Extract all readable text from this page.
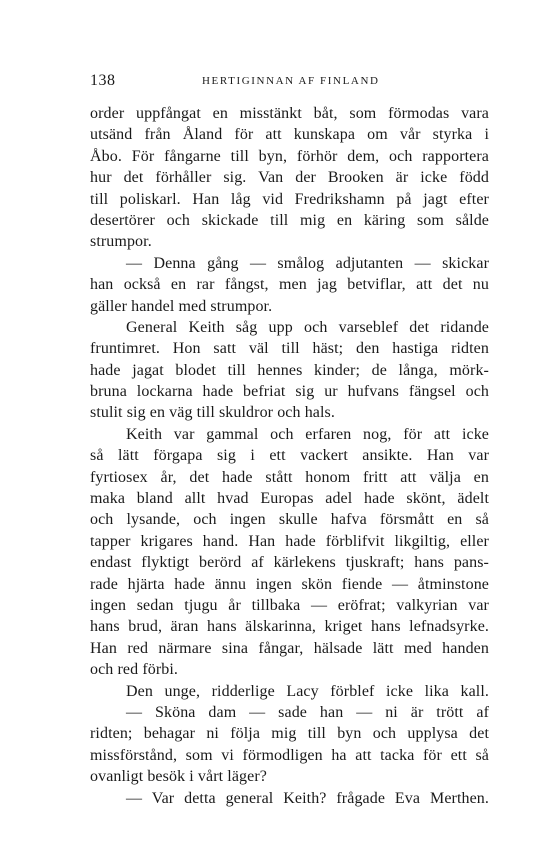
138	HERTIGINNAN AF FINLAND
order uppfångat en misstänkt båt, som förmodas vara
utsänd från Åland för att kunskapa om vår styrka i
Åbo. För fångarne till byn, förhör dem, och rapportera
hur det förhåller sig. Van der Brooken är icke född
till poliskarl. Han låg vid Fredrikshamn på jagt efter
desertörer och skickade till mig en käring som sålde
strumpor.
— Denna gång — smålog adjutanten — skickar
han också en rar fångst, men jag betviflar, att det nu
gäller handel med strumpor.
General Keith såg upp och varseblef det ridande
fruntimret. Hon satt väl till häst; den hastiga ridten
hade jagat blodet till hennes kinder; de långa, mörk-
bruna lockarna hade befriat sig ur hufvans fängsel och
stulit sig en väg till skuldror och hals.
Keith var gammal och erfaren nog, för att icke
så lätt förgapa sig i ett vackert ansikte. Han var
fyrtiosex år, det hade stått honom fritt att välja en
maka bland allt hvad Europas adel hade skönt, ädelt
och lysande, och ingen skulle hafva försmått en så
tapper krigares hand. Han hade förblifvit likgiltig, eller
endast flyktigt berörd af kärlekens tjuskraft; hans pans-
rade hjärta hade ännu ingen skön fiende — åtminstone
ingen sedan tjugu år tillbaka — eröfrat; valkyrian var
hans brud, äran hans älskarinna, kriget hans lefnadsyrke.
Han red närmare sina fångar, hälsade lätt med handen
och red förbi.
Den unge, ridderlige Lacy förblef icke lika kall.
— Sköna dam — sade han — ni är trött af
ridten; behagar ni följa mig till byn och upplysa det
missförstånd, som vi förmodligen ha att tacka för ett så
ovanligt besök i vårt läger?
— Var detta general Keith? frågade Eva Merthen.
